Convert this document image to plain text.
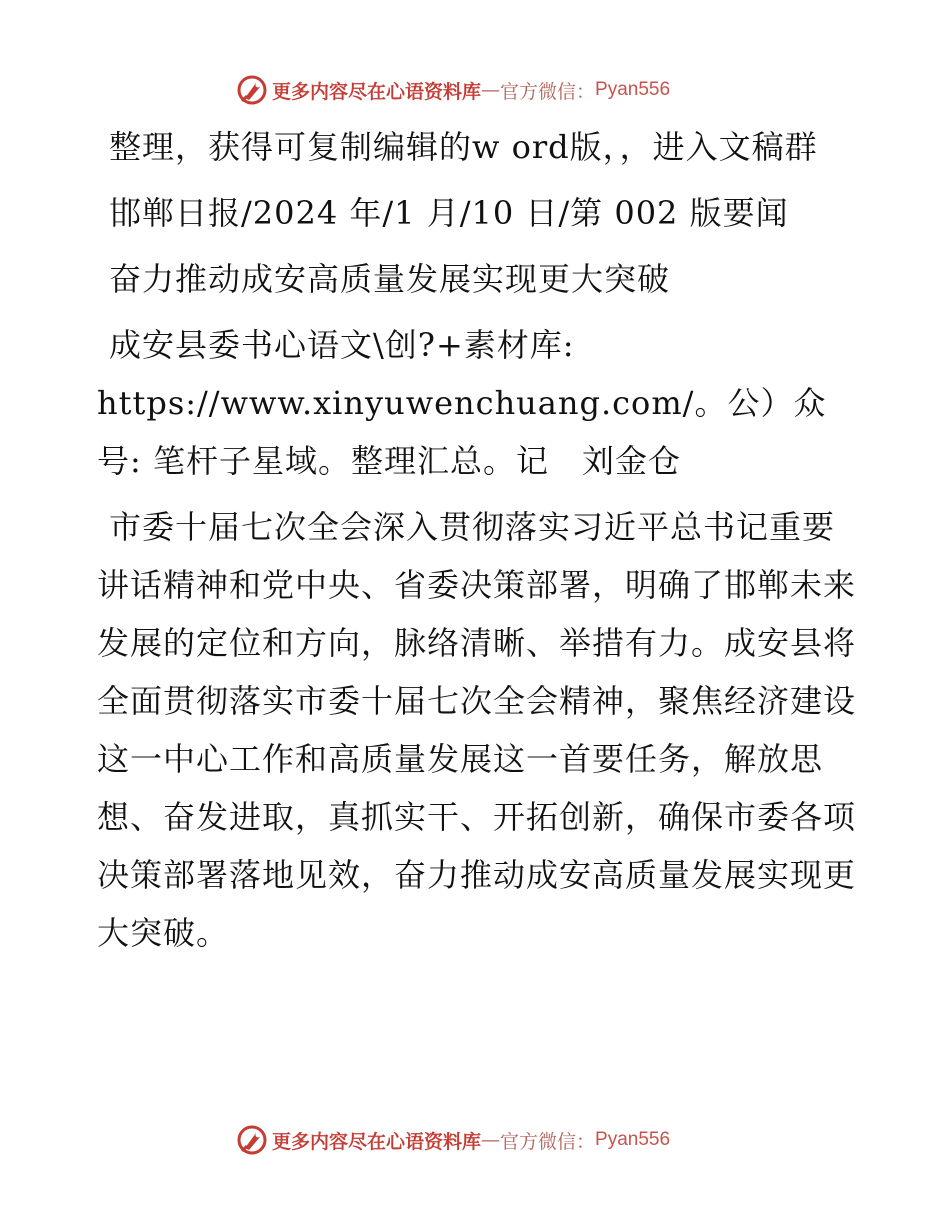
更多内容尽在心语资料库 — 官方微信： Pyan556

整理，获得可复制编辑的w ord版，，进入文稿群

邯郸日报/2024 年/1 月/10 日/第 002 版要闻

奋力推动成安高质量发展实现更大突破

成安县委书心语文\创?+素材库: https://www.xinyuwenchuang.com/。公）众号: 笔杆子星域。整理汇总。记　刘金仓

市委十届七次全会深入贯彻落实习近平总书记重要讲话精神和党中央、省委决策部署，明确了邯郸未来发展的定位和方向，脉络清晰、举措有力。成安县将全面贯彻落实市委十届七次全会精神，聚焦经济建设这一中心工作和高质量发展这一首要任务，解放思想、奋发进取，真抓实干、开拓创新，确保市委各项决策部署落地见效，奋力推动成安高质量发展实现更大突破。

更多内容尽在心语资料库 — 官方微信： Pyan556
